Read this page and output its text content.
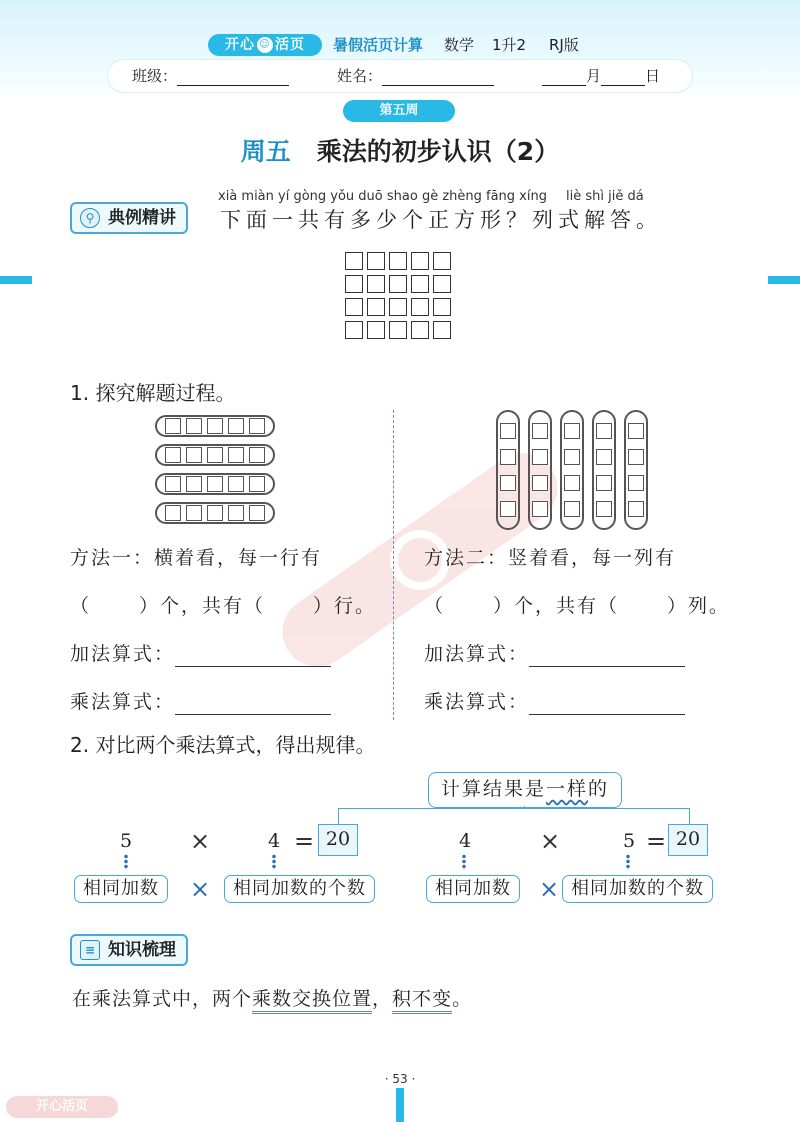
开心 ☺ 活页	暑假活页计算 数学 1升2 RJ版
班级：	姓名：	月	日
第五周
周五 乘法的初步认识（2）
⚲ 典例精讲
xià miàn yí gòng yǒu duō shao gè zhèng fāng xíng liè shì jiě dá
下面一共有多少个正方形？列式解答。
1. 探究解题过程。
方法一：横着看，每一行有
（	）个，共有（	）行。
加法算式：
乘法算式：
方法二：竖着看，每一列有
（	）个，共有（	）列。
加法算式：
乘法算式：
2. 对比两个乘法算式，得出规律。
计算结果是一样的
5 ×	4 = 20
相同加数	×	相同加数的个数
4	×	5 = 20
相同加数	× 相同加数的个数
≡ 知识梳理
在乘法算式中，两个乘数交换位置，积不变。
· 53 ·
开心活页
